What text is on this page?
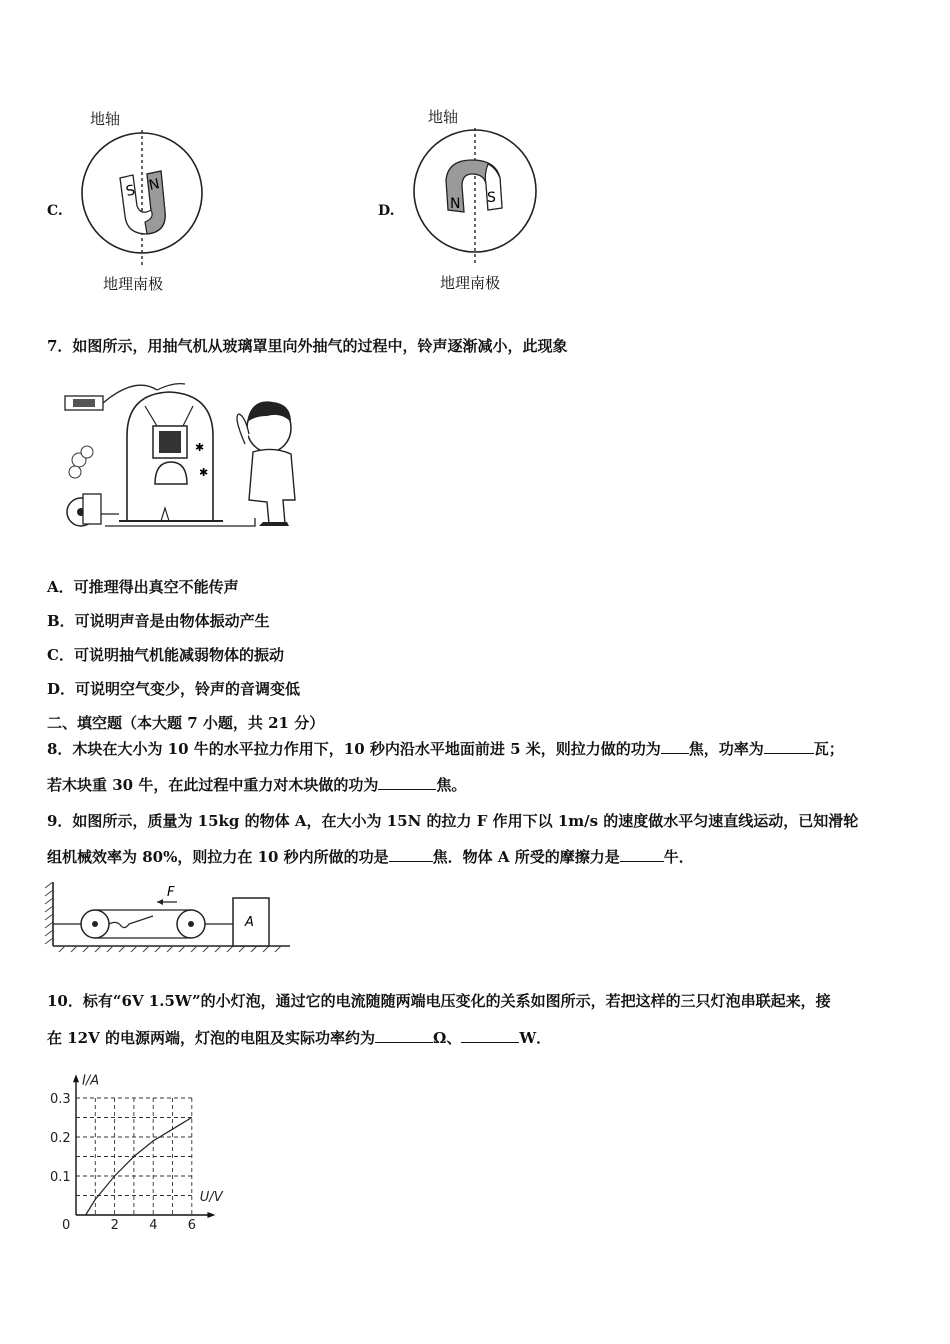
C.
地轴
地理南极
S N
D.
地轴
地理南极
N S
7．如图所示，用抽气机从玻璃罩里向外抽气的过程中，铃声逐渐减小，此现象
✱
✱
A．可推理得出真空不能传声
B．可说明声音是由物体振动产生
C．可说明抽气机能减弱物体的振动
D．可说明空气变少，铃声的音调变低
二、填空题（本大题 7 小题，共 21 分）
8．木块在大小为 10 牛的水平拉力作用下，10 秒内沿水平地面前进 5 米，则拉力做的功为 焦，功率为	瓦；
若木块重 30 牛，在此过程中重力对木块做的功为	焦。
9．如图所示，质量为 15kg 的物体 A，在大小为 15N 的拉力 F 作用下以 1m/s 的速度做水平匀速直线运动，已知滑轮
组机械效率为 80%，则拉力在 10 秒内所做的功是	焦．物体 A 所受的摩擦力是	牛．
F
A
10．标有“6V 1.5W”的小灯泡，通过它的电流随随两端电压变化的关系如图所示，若把这样的三只灯泡串联起来，接
在 12V 的电源两端，灯泡的电阻及实际功率约为	Ω、	W．
0	2 4 6
0.1
0.2
0.3
U/V
I/A
